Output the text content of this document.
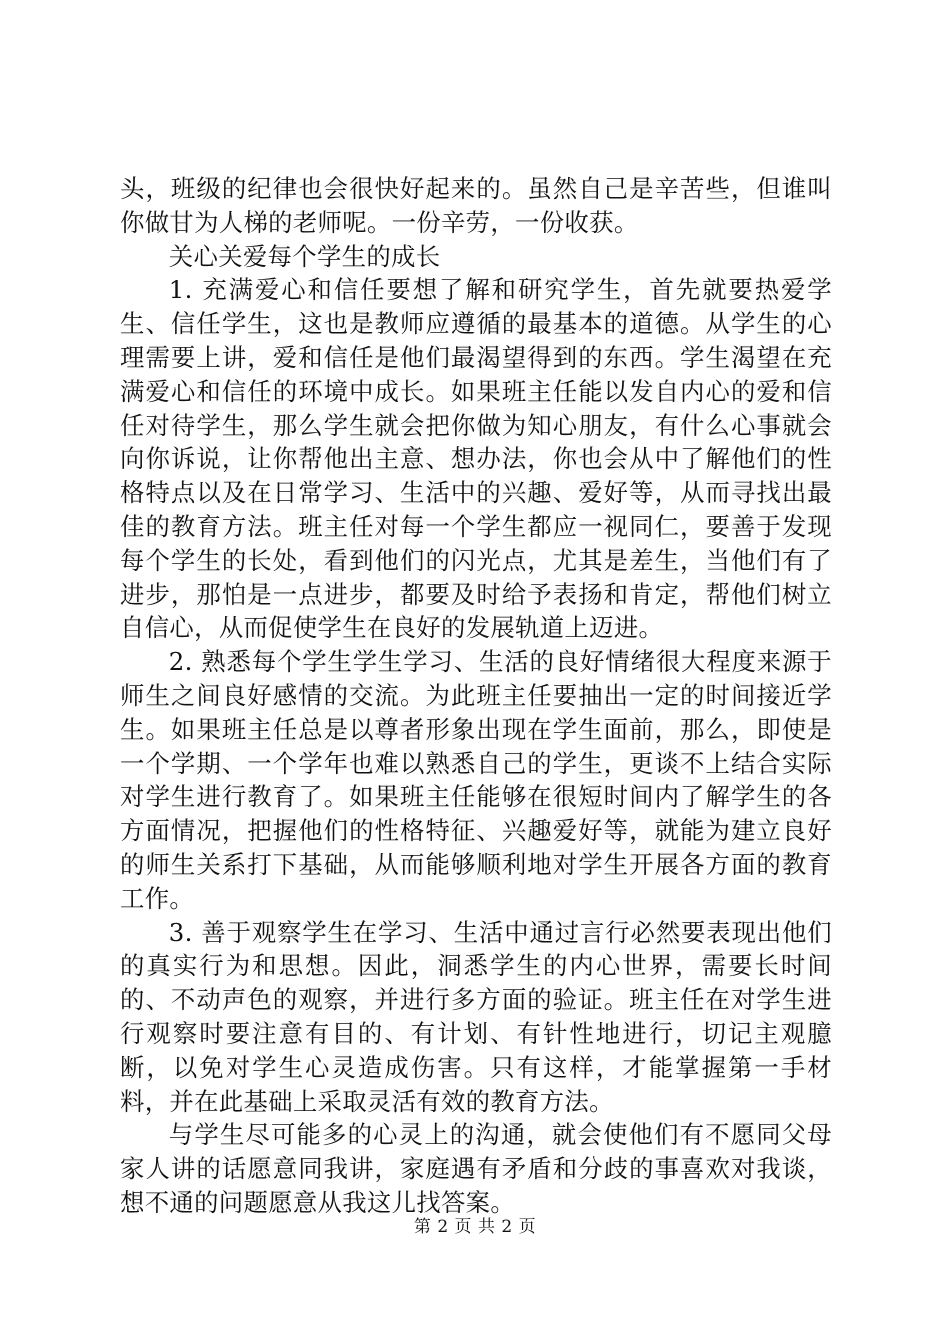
头，班级的纪律也会很快好起来的。虽然自己是辛苦些，但谁叫你做甘为人梯的老师呢。一份辛劳，一份收获。

关心关爱每个学生的成长

1. 充满爱心和信任要想了解和研究学生，首先就要热爱学生、信任学生，这也是教师应遵循的最基本的道德。从学生的心理需要上讲，爱和信任是他们最渴望得到的东西。学生渴望在充满爱心和信任的环境中成长。如果班主任能以发自内心的爱和信任对待学生，那么学生就会把你做为知心朋友，有什么心事就会向你诉说，让你帮他出主意、想办法，你也会从中了解他们的性格特点以及在日常学习、生活中的兴趣、爱好等，从而寻找出最佳的教育方法。班主任对每一个学生都应一视同仁，要善于发现每个学生的长处，看到他们的闪光点，尤其是差生，当他们有了进步，那怕是一点进步，都要及时给予表扬和肯定，帮他们树立自信心，从而促使学生在良好的发展轨道上迈进。

2. 熟悉每个学生学生学习、生活的良好情绪很大程度来源于师生之间良好感情的交流。为此班主任要抽出一定的时间接近学生。如果班主任总是以尊者形象出现在学生面前，那么，即使是一个学期、一个学年也难以熟悉自己的学生，更谈不上结合实际对学生进行教育了。如果班主任能够在很短时间内了解学生的各方面情况，把握他们的性格特征、兴趣爱好等，就能为建立良好的师生关系打下基础，从而能够顺利地对学生开展各方面的教育工作。

3. 善于观察学生在学习、生活中通过言行必然要表现出他们的真实行为和思想。因此，洞悉学生的内心世界，需要长时间的、不动声色的观察，并进行多方面的验证。班主任在对学生进行观察时要注意有目的、有计划、有针性地进行，切记主观臆断，以免对学生心灵造成伤害。只有这样，才能掌握第一手材料，并在此基础上采取灵活有效的教育方法。

与学生尽可能多的心灵上的沟通，就会使他们有不愿同父母家人讲的话愿意同我讲，家庭遇有矛盾和分歧的事喜欢对我谈，想不通的问题愿意从我这儿找答案。

第 2 页 共 2 页
